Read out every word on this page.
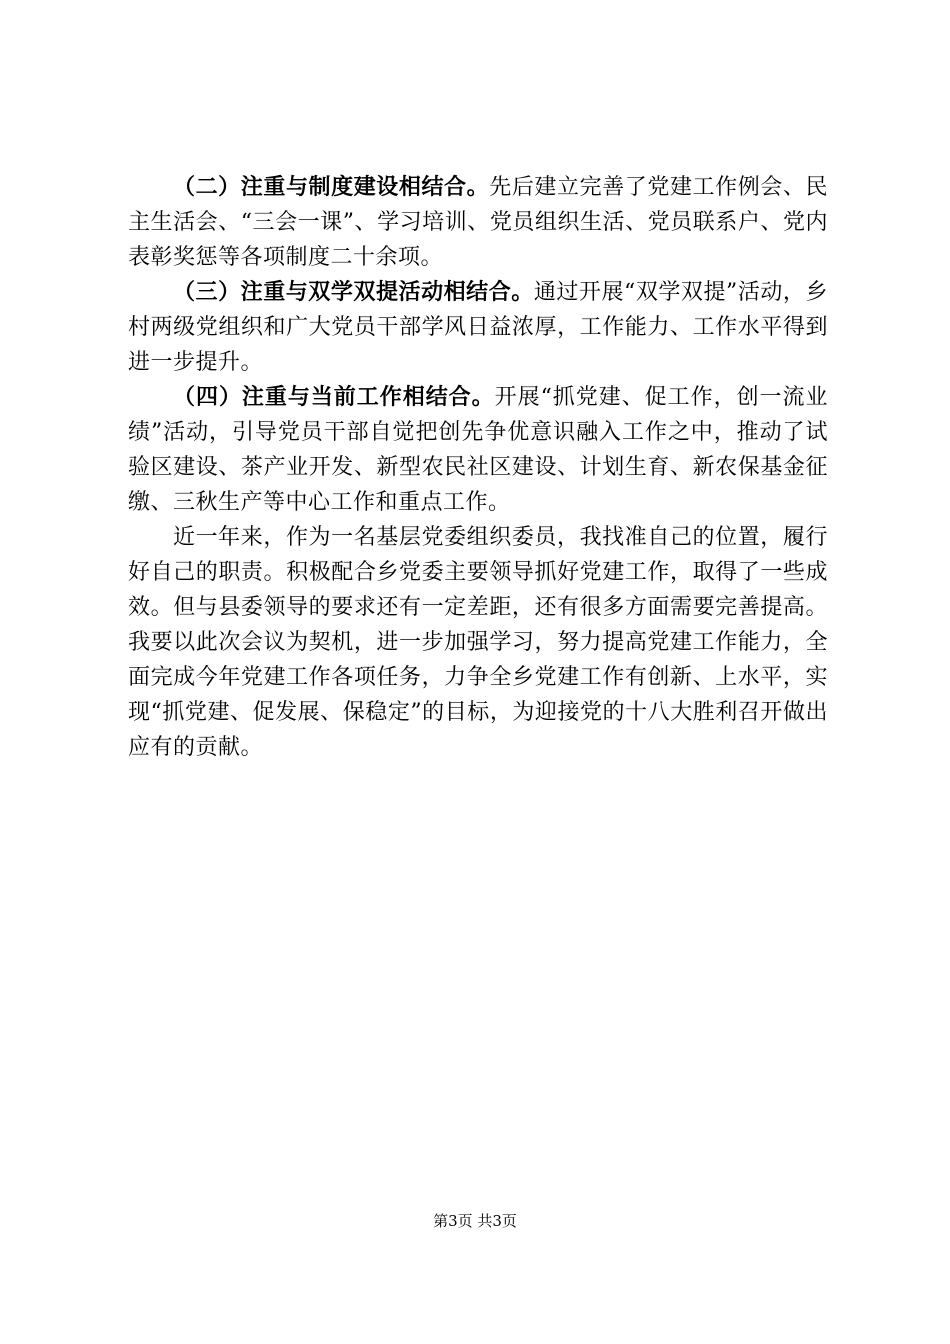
（二）注重与制度建设相结合。先后建立完善了党建工作例会、民主生活会、“三会一课”、学习培训、党员组织生活、党员联系户、党内表彰奖惩等各项制度二十余项。

（三）注重与双学双提活动相结合。通过开展“双学双提”活动，乡村两级党组织和广大党员干部学风日益浓厚，工作能力、工作水平得到进一步提升。

（四）注重与当前工作相结合。开展“抓党建、促工作，创一流业绩”活动，引导党员干部自觉把创先争优意识融入工作之中，推动了试验区建设、茶产业开发、新型农民社区建设、计划生育、新农保基金征缴、三秋生产等中心工作和重点工作。

近一年来，作为一名基层党委组织委员，我找准自己的位置，履行好自己的职责。积极配合乡党委主要领导抓好党建工作，取得了一些成效。但与县委领导的要求还有一定差距，还有很多方面需要完善提高。我要以此次会议为契机，进一步加强学习，努力提高党建工作能力，全面完成今年党建工作各项任务，力争全乡党建工作有创新、上水平，实现“抓党建、促发展、保稳定”的目标，为迎接党的十八大胜利召开做出应有的贡献。

第3页 共3页
